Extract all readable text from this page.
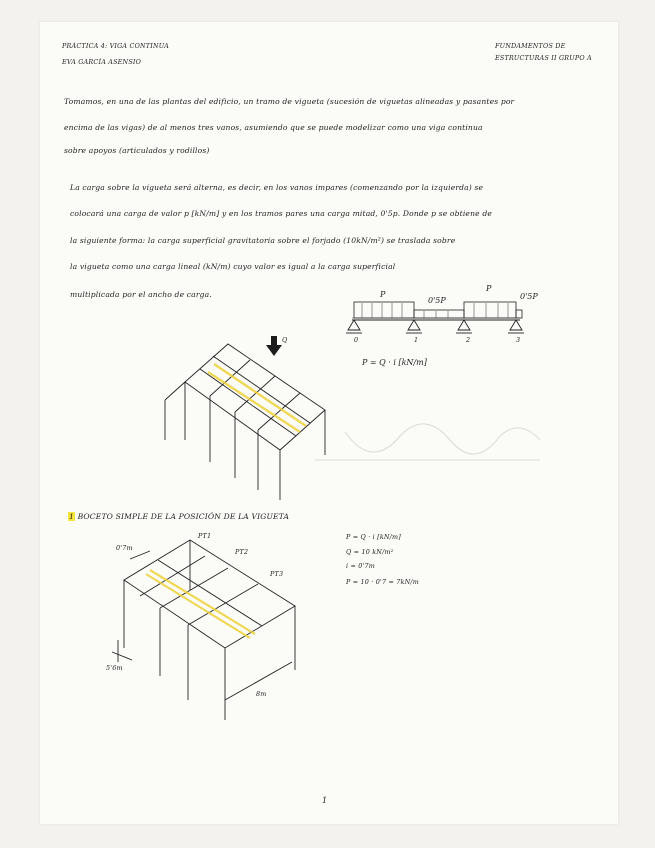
PRÁCTICA 4: VIGA CONTINUA
EVA GARCÍA ASENSIO
FUNDAMENTOS DE
ESTRUCTURAS II GRUPO A
Tomamos, en una de las plantas del edificio, un tramo de vigueta (sucesión de viguetas alineadas y pasantes por
encima de las vigas) de al menos tres vanos, asumiendo que se puede modelizar como una viga continua
sobre apoyos (articulados y rodillos)
La carga sobre la vigueta será alterna, es decir, en los vanos impares (comenzando por la izquierda) se
colocará una carga de valor p [kN/m] y en los tramos pares una carga mitad, 0'5p. Donde p se obtiene de
la siguiente forma: la carga superficial gravitatoria sobre el forjado (10kN/m²) se traslada sobre
la vigueta como una carga lineal (kN/m) cuyo valor es igual a la carga superficial
multiplicada por el ancho de carga.	P
0'5P
P
0'5P
0	1	2	3
P = Q · i [kN/m]
Q
1 BOCETO SIMPLE DE LA POSICIÓN DE LA VIGUETA
0'7m
PT1
PT2
PT3
5'6m
8m
P = Q · i [kN/m]
Q = 10 kN/m²
i = 0'7m
P = 10 · 0'7 = 7kN/m
1
